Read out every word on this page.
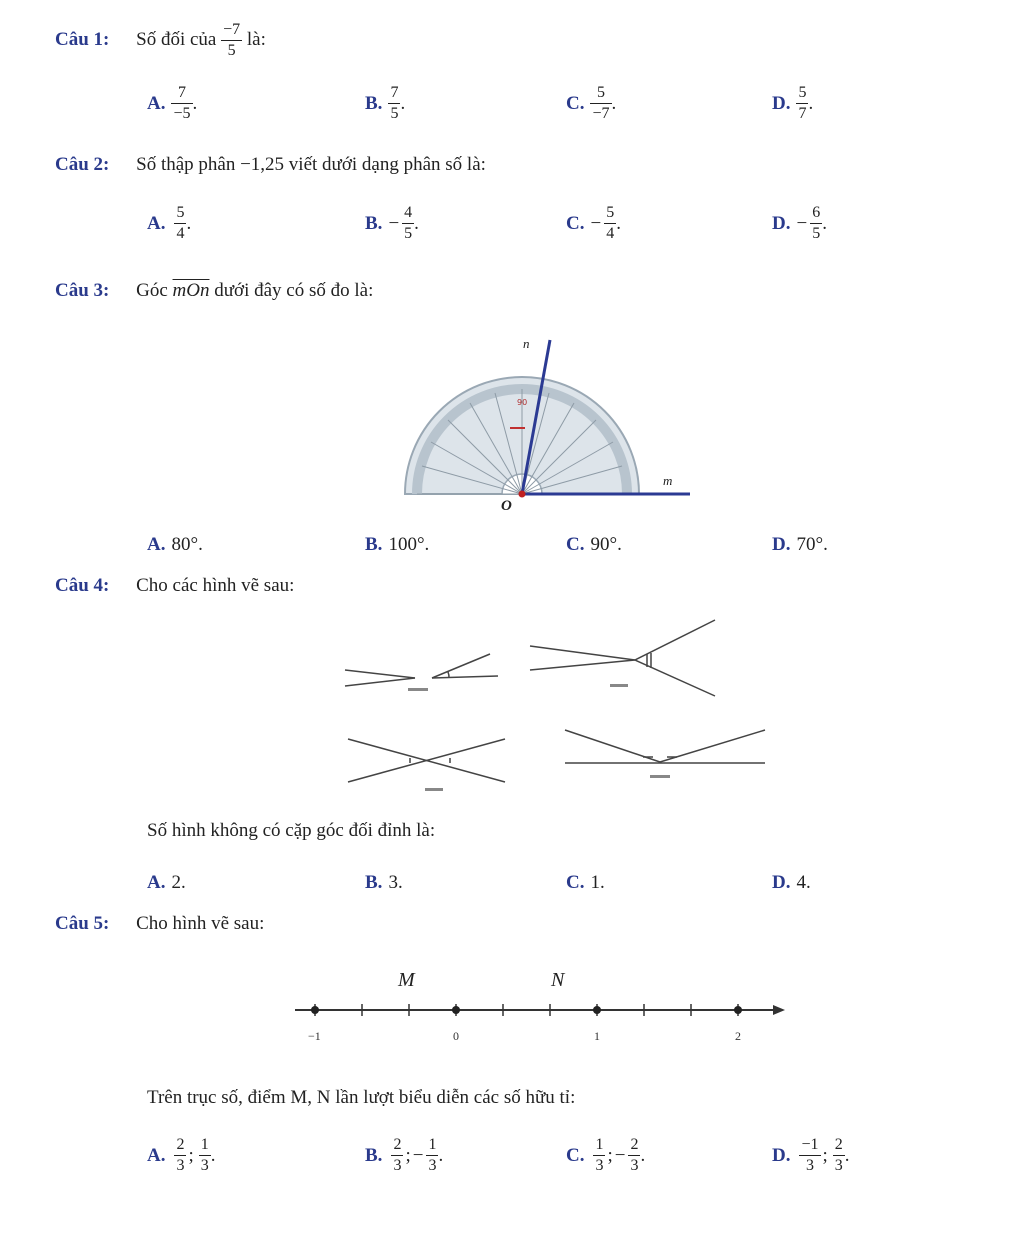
Câu 1: Số đối của $\frac{-7}{5}$ là:
A. $\frac{7}{-5}$ .	B. $\frac{7}{5}$ .	C. $\frac{5}{-7}$ .	D. $\frac{5}{7}$ .
Câu 2: Số thập phân −1,25 viết dưới dạng phân số là:
A. $\frac{5}{4}$ .	B. − $\frac{4}{5}$ .	C. − $\frac{5}{4}$ .	D. − $\frac{6}{5}$ .
Câu 3: Góc $\overline{mOn}$ dưới đây có số đo là:
90
n
m
O
A. 80°.	B. 100°.	C. 90°.	D. 70°.
Câu 4: Cho các hình vẽ sau:
Số hình không có cặp góc đối đỉnh là:
A. 2.	B. 3.	C. 1.	D. 4.
Câu 5: Cho hình vẽ sau:
M	N
−1	0	1	2
Trên trục số, điểm M, N lần lượt biểu diễn các số hữu tỉ:
A. $\frac{2}{3}$ ; $\frac{1}{3}$ .	B. $\frac{2}{3}$ ; − $\frac{1}{3}$ .	C. $\frac{1}{3}$ ; − $\frac{2}{3}$ .	D. $\frac{-1}{3}$ ; $\frac{2}{3}$ .
